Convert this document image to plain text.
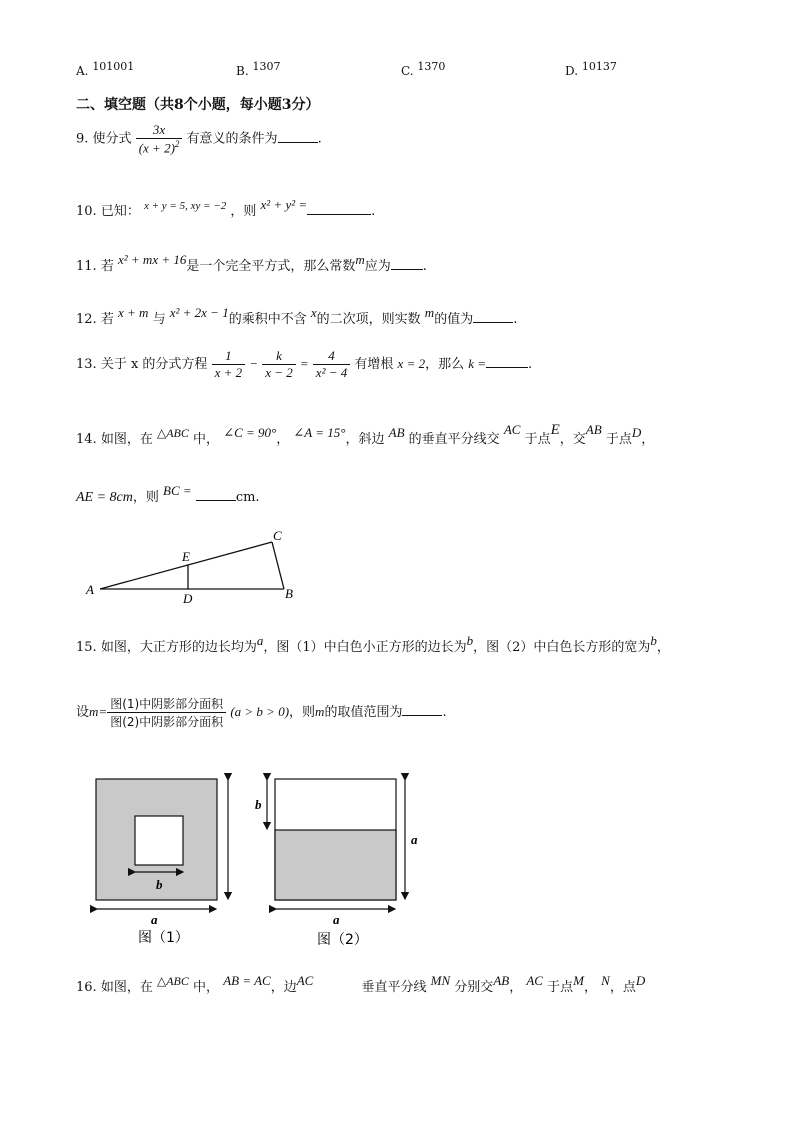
A. 101001	B. 1307	C. 1370	D. 10137
二、填空题（共8个小题，每小题3分）
9. 使分式 $\frac{3x}{(x + 2)^2}$ 有意义的条件为	.
10. 已知： $^{x + y = 5, xy = -2}$ ，则 x² + y² =	.
11. 若 x² + mx + 16是一个完全平方式，那么常数m应为 .
12. 若 x + m 与 x² + 2x − 1的乘积中不含 x的二次项，则实数 m的值为	.
13. 关于 x 的分式方程 $\frac{1}{x + 2} - \frac{k}{x - 2} = \frac{4}{\text{x² − 4}}$ 有增根 x = 2，那么 k =	.
14. 如图，在 △ABC 中， ∠C = 90°， ∠A = 15°，斜边 AB 的垂直平分线交 AC 于点E，交AB 于点D，
AE = 8cm，则 BC =	cm.
A	B
C
D
E
15. 如图，大正方形的边长均为a，图（1）中白色小正方形的边长为b，图（2）中白色长方形的宽为b，
设$m= \frac{\text{图(1)中阴影部分面积}}{\text{图(2)中阴影部分面积}} (a > b > 0)$，则m的取值范围为	.
b
a
图（1）
b
a
a
图（2）
16. 如图，在 △ABC 中， AB = AC，边AC	垂直平分线 MN 分别交AB， AC 于点M， N，点D
